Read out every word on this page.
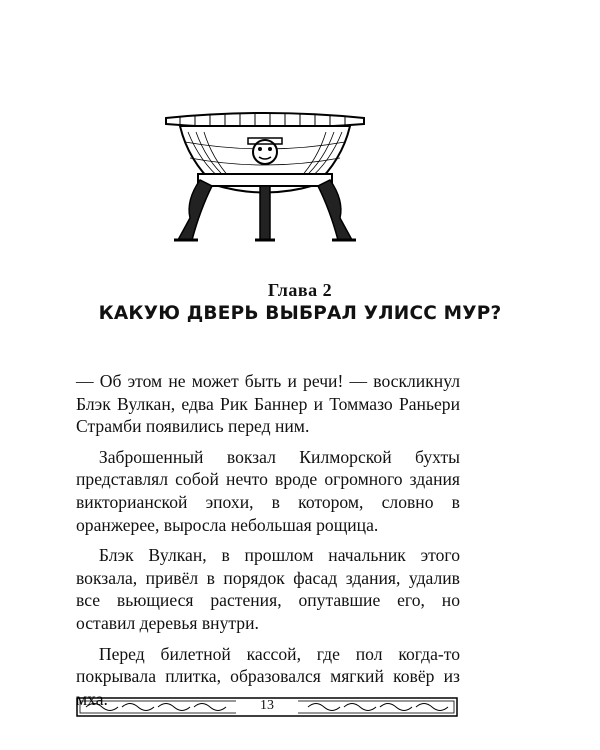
Глава 2
КАКУЮ ДВЕРЬ ВЫБРАЛ УЛИСС МУР?

— Об этом не может быть и речи! — воскликнул Блэк Вулкан, едва Рик Баннер и Томмазо Раньери Страмби появились перед ним.

Заброшенный вокзал Килморской бухты представлял собой нечто вроде огромного здания викторианской эпохи, в котором, словно в оранжерее, выросла небольшая рощица.

Блэк Вулкан, в прошлом начальник этого вокзала, привёл в порядок фасад здания, удалив все вьющиеся растения, опутавшие его, но оставил деревья внутри.

Перед билетной кассой, где пол когда-то покрывала плитка, образовался мягкий ковёр из мха.	13
